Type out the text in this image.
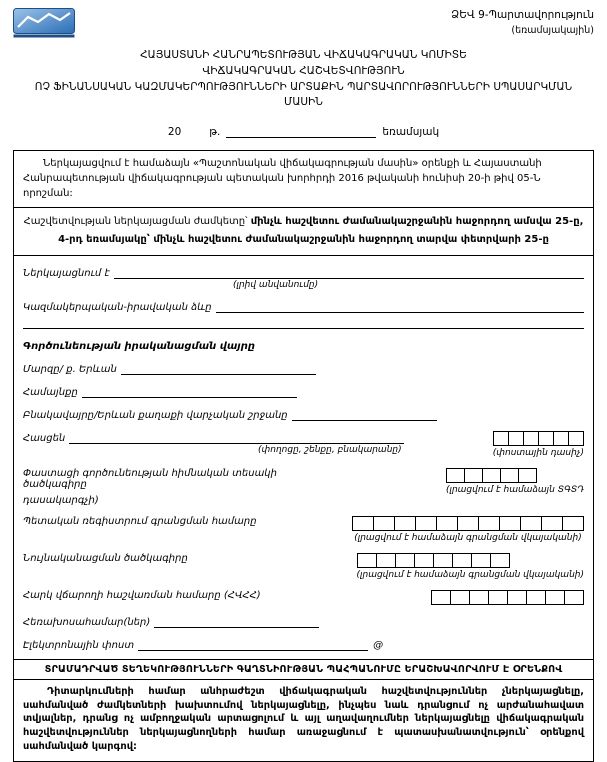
ՁԵՎ 9-Պարտավորություն
(եռամսյակային)
ՀԱՅԱՍՏԱՆԻ ՀԱՆՐԱՊԵՏՈՒԹՅԱՆ ՎԻՃԱԿԱԳՐԱԿԱՆ ԿՈՄԻՏԵ
ՎԻՃԱԿԱԳՐԱԿԱՆ ՀԱՇՎԵՏՎՈՒԹՅՈՒՆ
ՈՉ ՖԻՆԱՆՍԱԿԱՆ ԿԱԶՄԱԿԵՐՊՈՒԹՅՈՒՆՆԵՐԻ ԱՐՏԱՔԻՆ ՊԱՐՏԱՎՈՐՈՒԹՅՈՒՆՆԵՐԻ ՍՊԱՍԱՐԿՄԱՆ ՄԱՍԻՆ
20	թ.	եռամսյակ
Ներկայացվում է համաձայն «Պաշտոնական վիճակագրության մասին» օրենքի և Հայաստանի Հանրապետության վիճակագրության պետական խորհրդի 2016 թվականի հունիսի 20-ի թիվ 05-Ն որոշման:
Հաշվետվության ներկայացման ժամկետը՝ մինչև հաշվետու ժամանակաշրջանին հաջորդող ամսվա 25-ը,
4-րդ եռամսյակը՝ մինչև հաշվետու ժամանակաշրջանին հաջորդող տարվա փետրվարի 25-ը
Ներկայացնում է
(լրիվ անվանումը)
Կազմակերպական-իրավական ձևը
Գործունեության իրականացման վայրը
Մարզը/ ք. Երևան
Համայնքը
Բնակավայրը/Երևան քաղաքի վարչական շրջանը
Հասցեն
(փողոցը, շենքը, բնակարանը)	(փոստային դասիչ)
Փաստացի գործունեության հիմնական տեսակի ծածկագիրը	(լրացվում է համաձայն ՏԳՏԴ
դասակարգչի)
Պետական ռեգիստրում գրանցման համարը
(լրացվում է համաձայն գրանցման վկայականի)
Նույնականացման ծածկագիրը
(լրացվում է համաձայն գրանցման վկայականի)
Հարկ վճարողի հաշվառման համարը (ՀՎՀՀ)
Հեռախոսահամար(ներ)
Էլեկտրոնային փոստ	@
ՏՐԱՄԱԴՐՎԱԾ ՏԵՂԵԿՈՒԹՅՈՒՆՆԵՐԻ ԳԱՂՏՆԻՈՒԹՅԱՆ ՊԱՀՊԱՆՈՒՄԸ ԵՐԱՇԽԱՎՈՐՎՈՒՄ Է ՕՐԵՆՔՈՎ
Դիտարկումների համար անհրաժեշտ վիճակագրական հաշվետվություններ չներկայացնելը, սահմանված ժամկետների խախտումով ներկայացնելը, ինչպես նաև դրանցում ոչ արժանահավատ տվյալներ, դրանց ոչ ամբողջական արտացոլում և այլ աղավաղումներ ներկայացնելը վիճակագրական հաշվետվություններ ներկայացնողների համար առաջացնում է պատասխանատվություն՝ օրենքով սահմանված կարգով:
